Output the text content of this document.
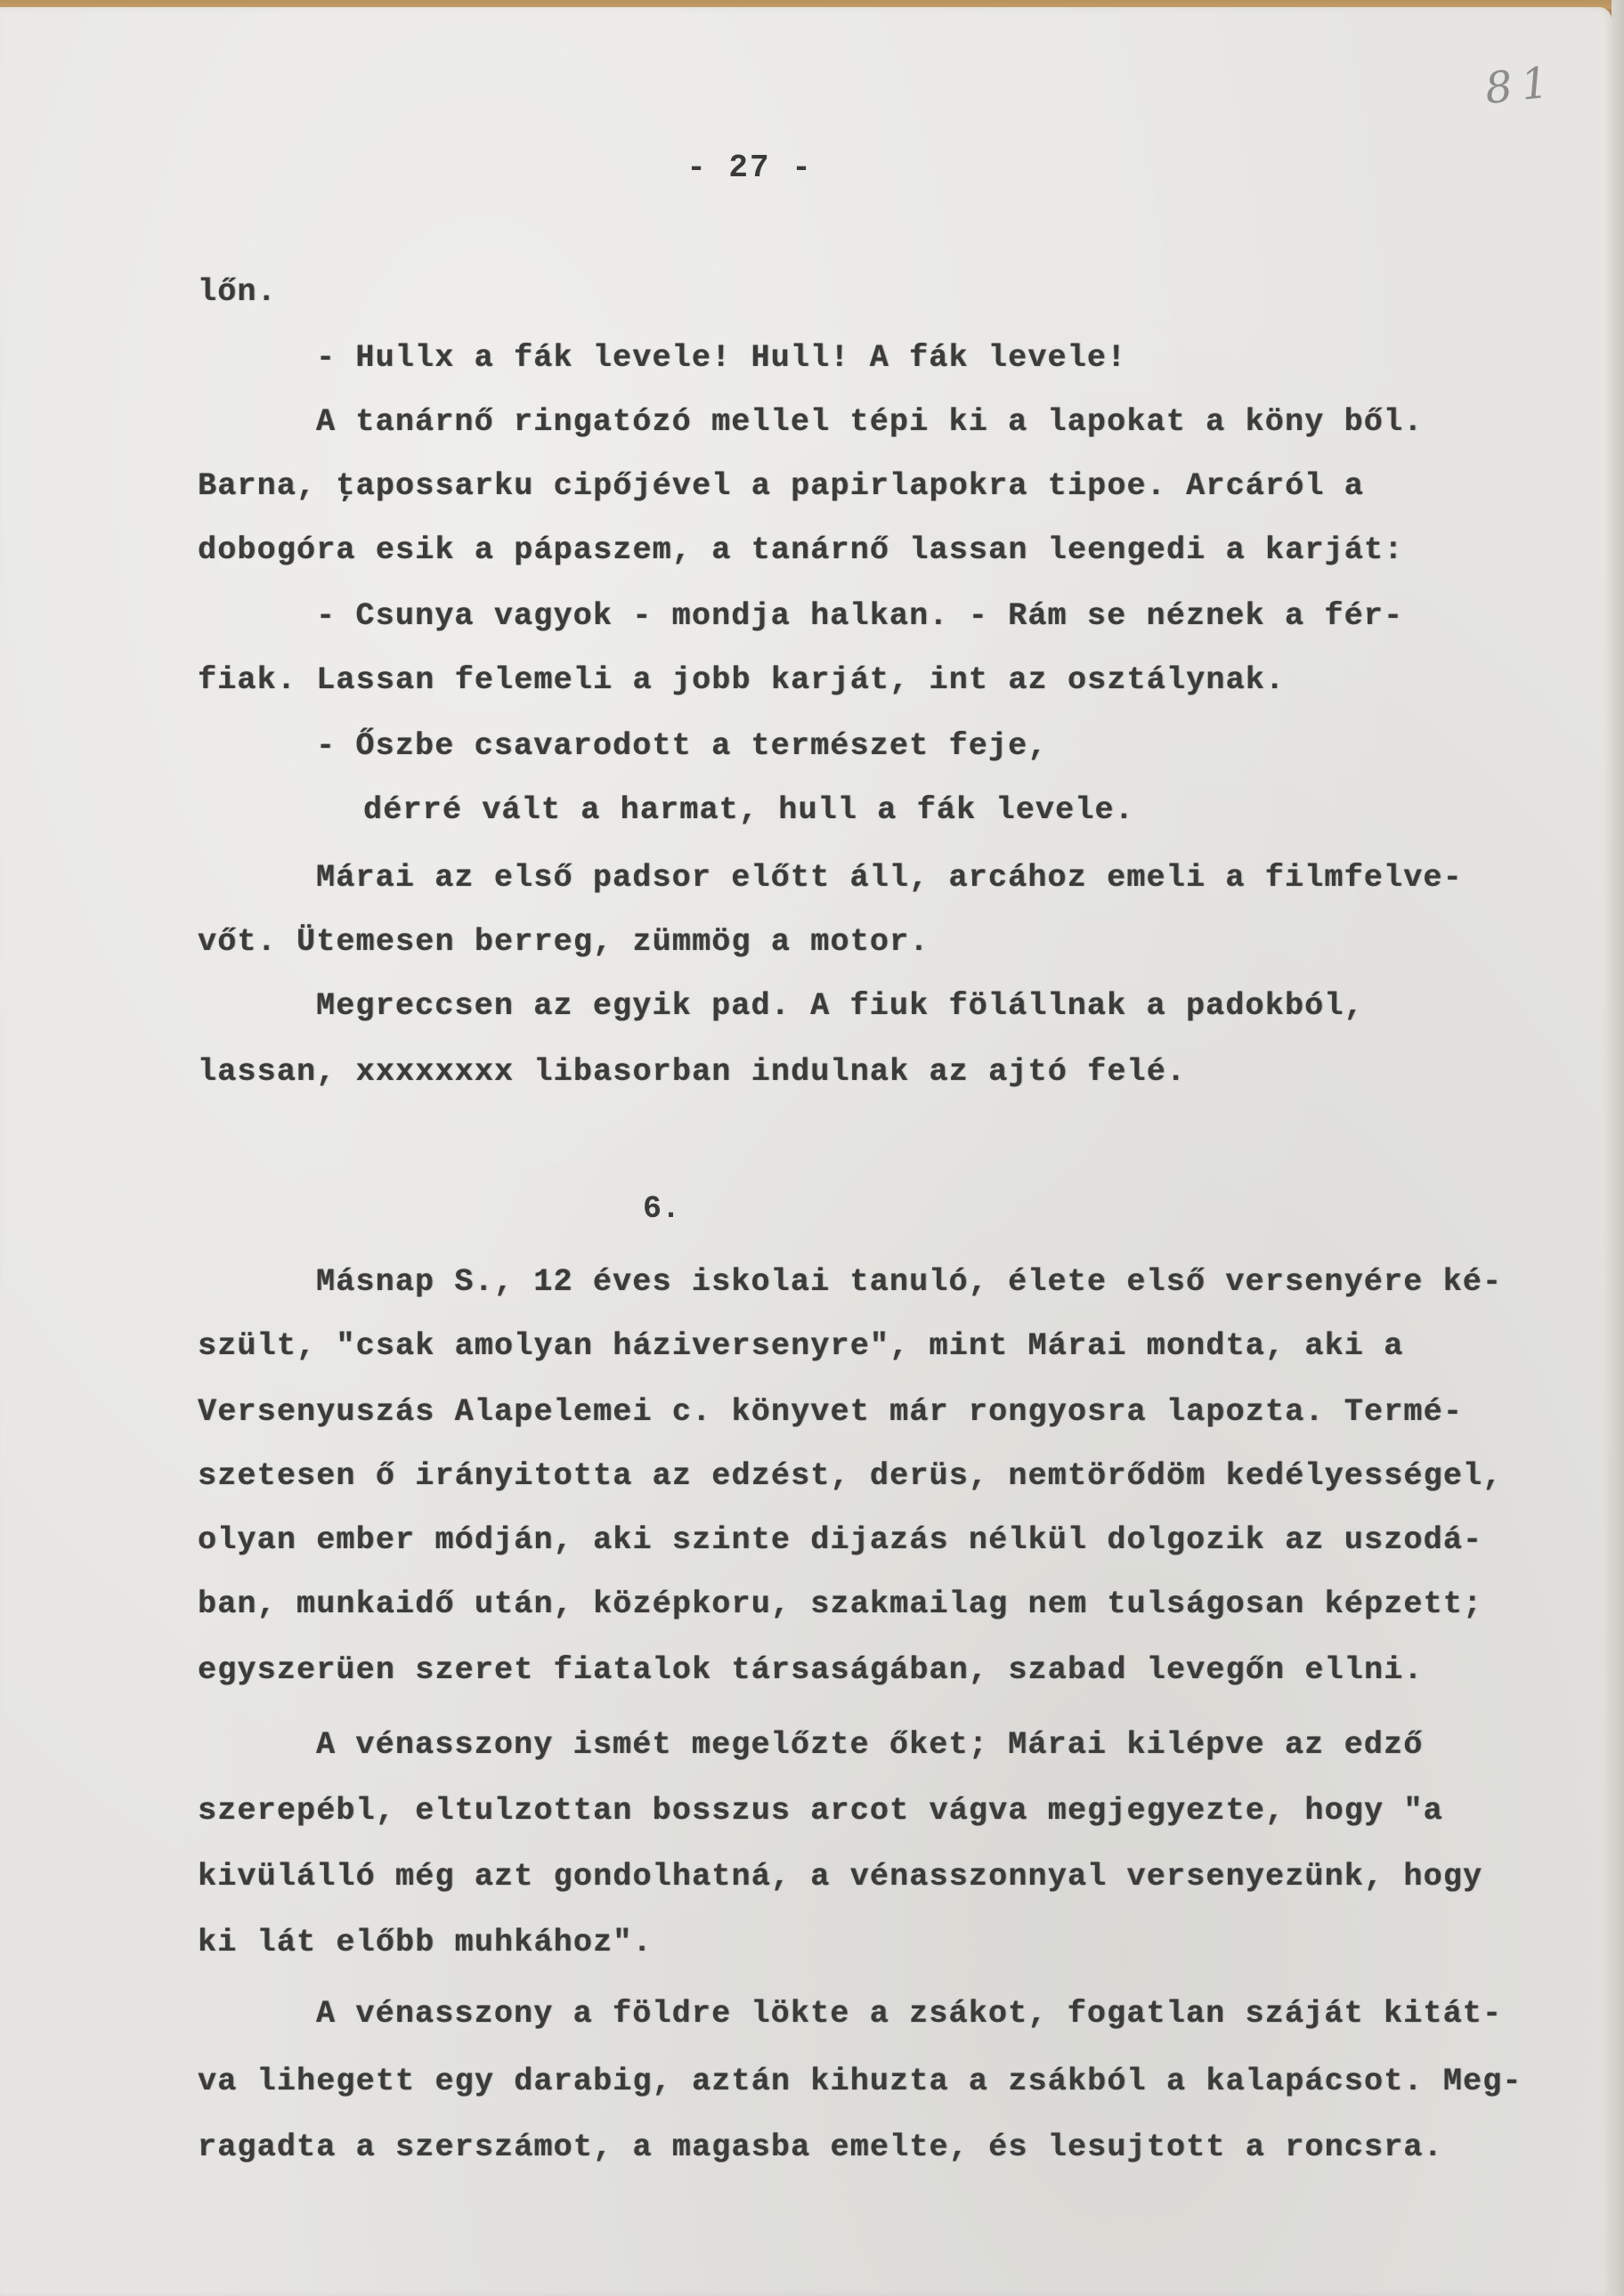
81
- 27 -
lőn.
- Hullx a fák levele! Hull! A fák levele!
A tanárnő ringatózó mellel tépi ki a lapokat a köny ből.
Barna, ţapossarku cipőjével a papirlapokra tipoe. Arcáról a
dobogóra esik a pápaszem, a tanárnő lassan leengedi a karját:
- Csunya vagyok - mondja halkan. - Rám se néznek a fér-
fiak. Lassan felemeli a jobb karját, int az osztálynak.
- Őszbe csavarodott a természet feje,
dérré vált a harmat, hull a fák levele.
Márai az első padsor előtt áll, arcához emeli a filmfelve-
vőt. Ütemesen berreg, zümmög a motor.
Megreccsen az egyik pad. A fiuk fölállnak a padokból,
lassan, xxxxxxxx libasorban indulnak az ajtó felé.
6.
Másnap S., 12 éves iskolai tanuló, élete első versenyére ké-
szült, "csak amolyan háziversenyre", mint Márai mondta, aki a
Versenyuszás Alapelemei c. könyvet már rongyosra lapozta. Termé-
szetesen ő irányitotta az edzést, derüs, nemtörődöm kedélyességel,
olyan ember módján, aki szinte dijazás nélkül dolgozik az uszodá-
ban, munkaidő után, középkoru, szakmailag nem tulságosan képzett;
egyszerüen szeret fiatalok társaságában, szabad levegőn ellni.
A vénasszony ismét megelőzte őket; Márai kilépve az edző
szerepébl, eltulzottan bosszus arcot vágva megjegyezte, hogy "a
kivülálló még azt gondolhatná, a vénasszonnyal versenyezünk, hogy
ki lát előbb muhkához".
A vénasszony a földre lökte a zsákot, fogatlan száját kitát-
va lihegett egy darabig, aztán kihuzta a zsákból a kalapácsot. Meg-
ragadta a szerszámot, a magasba emelte, és lesujtott a roncsra.
